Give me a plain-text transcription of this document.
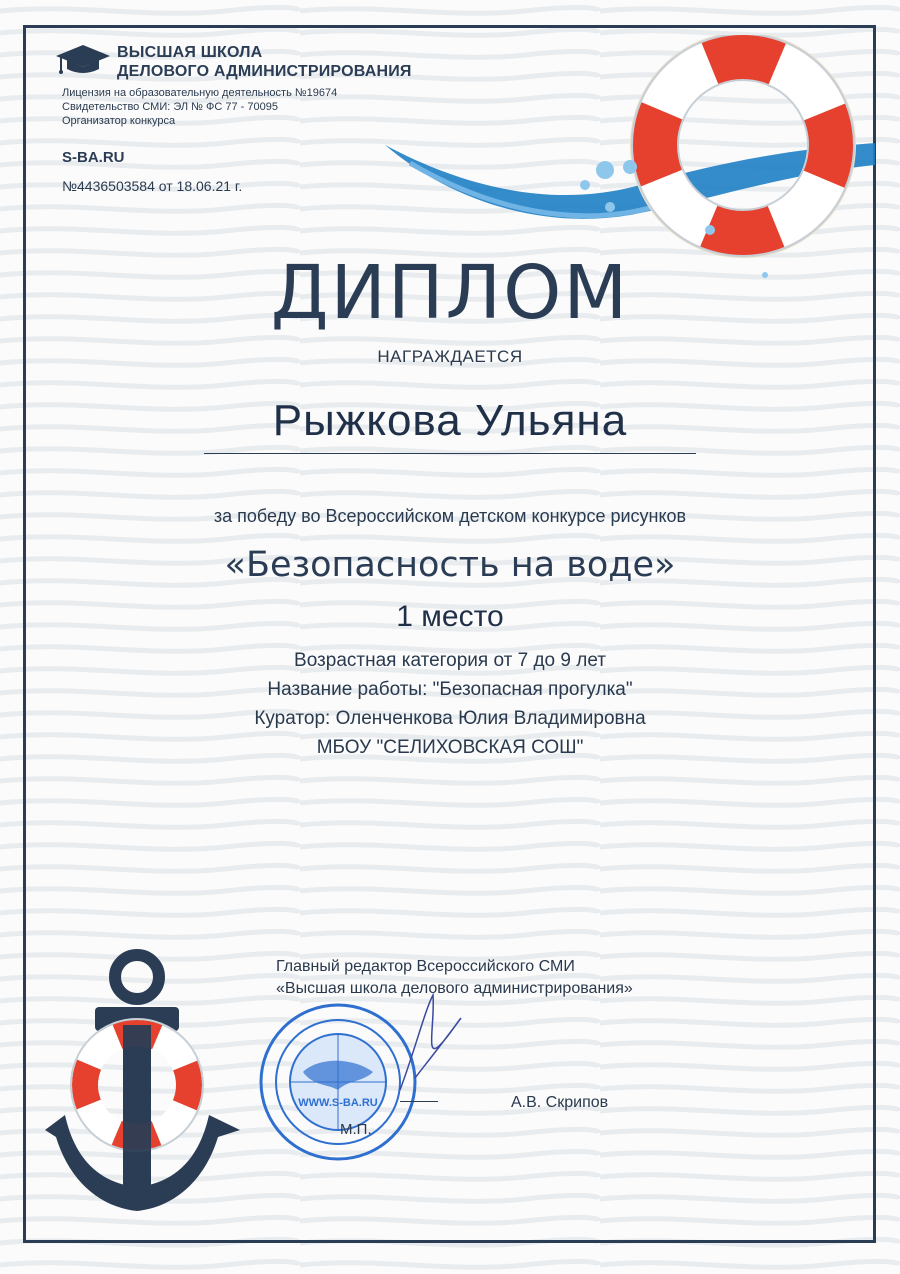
ВЫСШАЯ ШКОЛА
ДЕЛОВОГО АДМИНИСТРИРОВАНИЯ
Лицензия на образовательную деятельность №19674
Свидетельство СМИ: ЭЛ № ФС 77 - 70095
Организатор конкурса
S-BA.RU
№4436503584 от 18.06.21 г.
ДИПЛОМ
НАГРАЖДАЕТСЯ
Рыжкова Ульяна
за победу во Всероссийском детском конкурсе рисунков
«Безопасность на воде»
1 место
Возрастная категория от 7 до 9 лет
Название работы: "Безопасная прогулка"
Куратор: Оленченкова Юлия Владимировна
МБОУ "СЕЛИХОВСКАЯ СОШ"
Главный редактор Всероссийского СМИ
«Высшая школа делового администрирования»
WWW.S-BA.RU	А.В. Скрипов
М.П.
